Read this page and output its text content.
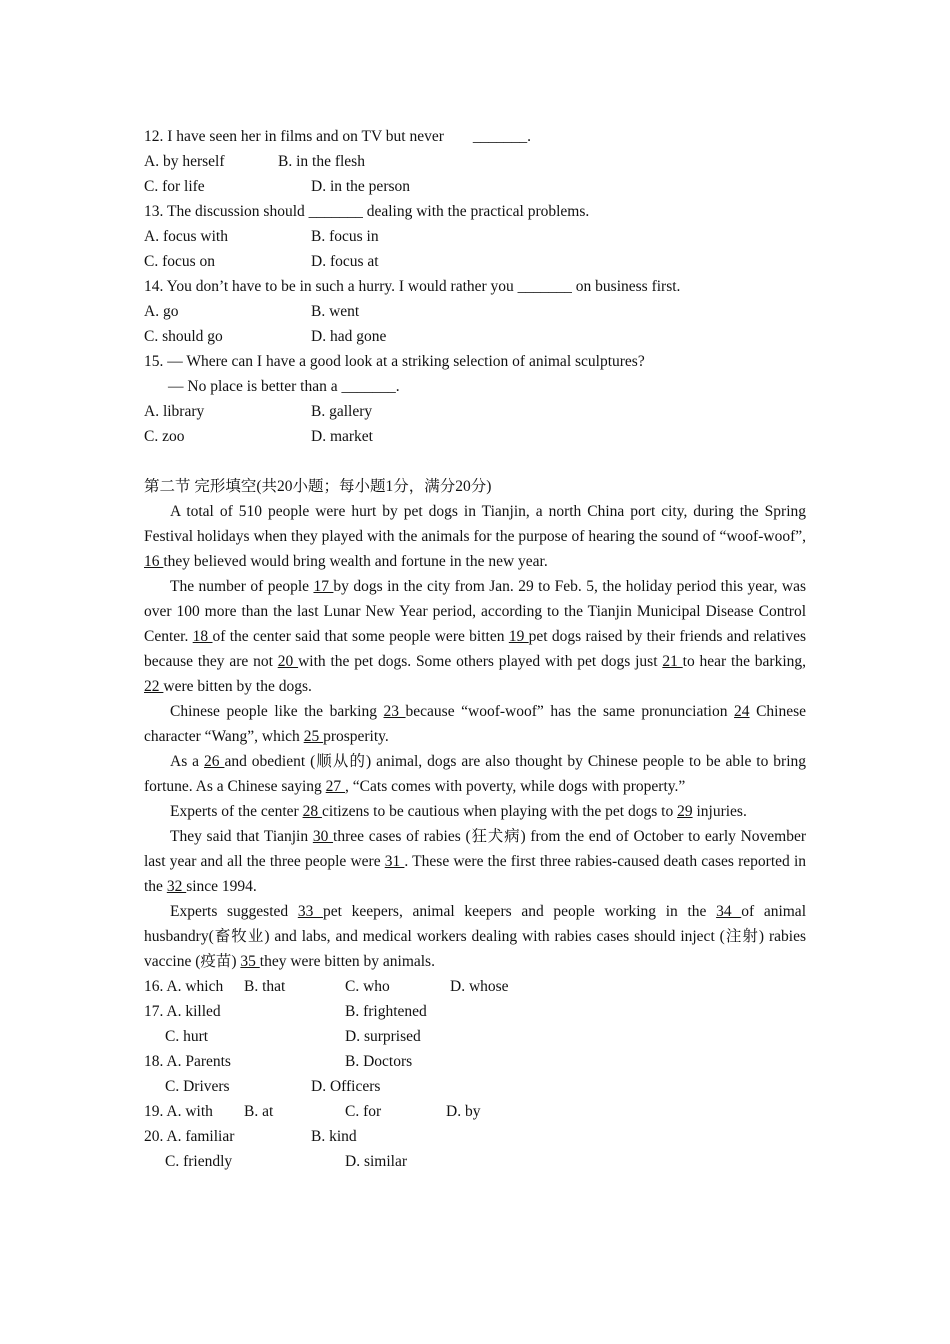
12. I have seen her in films and on TV but never _______.
A. by herself	B. in the flesh
C. for life	D. in the person
13. The discussion should _______ dealing with the practical problems.
A. focus with	B. focus in
C. focus on	D. focus at
14. You don’t have to be in such a hurry. I would rather you _______ on business first.
A. go	B. went
C. should go	D. had gone
15. — Where can I have a good look at a striking selection of animal sculptures?
— No place is better than a _______.
A. library	B. gallery
C. zoo	D. market
第二节 完形填空(共20小题；每小题1分，满分20分)
A total of 510 people were hurt by pet dogs in Tianjin, a north China port city, during the Spring Festival holidays when they played with the animals for the purpose of hearing the sound of “woof-woof”, 16 they believed would bring wealth and fortune in the new year.
The number of people 17 by dogs in the city from Jan. 29 to Feb. 5, the holiday period this year, was over 100 more than the last Lunar New Year period, according to the Tianjin Municipal Disease Control Center. 18 of the center said that some people were bitten 19 pet dogs raised by their friends and relatives because they are not 20 with the pet dogs. Some others played with pet dogs just 21 to hear the barking, 22 were bitten by the dogs.
Chinese people like the barking 23 because “woof-woof” has the same pronunciation 24 Chinese character “Wang”, which 25 prosperity.
As a 26 and obedient (顺从的) animal, dogs are also thought by Chinese people to be able to bring fortune. As a Chinese saying 27 , “Cats comes with poverty, while dogs with property.”
Experts of the center 28 citizens to be cautious when playing with the pet dogs to 29 injuries.
They said that Tianjin 30 three cases of rabies (狂犬病) from the end of October to early November last year and all the three people were 31 . These were the first three rabies-caused death cases reported in the 32 since 1994.
Experts suggested 33 pet keepers, animal keepers and people working in the 34 of animal husbandry(畜牧业) and labs, and medical workers dealing with rabies cases should inject (注射) rabies vaccine (疫苗) 35 they were bitten by animals.
16. A. which B. that	C. who	D. whose
17. A. killed	B. frightened
C. hurt	D. surprised
18. A. Parents	B. Doctors
C. Drivers	D. Officers
19. A. with B. at	C. for	D. by
20. A. familiar	B. kind
C. friendly	D. similar
